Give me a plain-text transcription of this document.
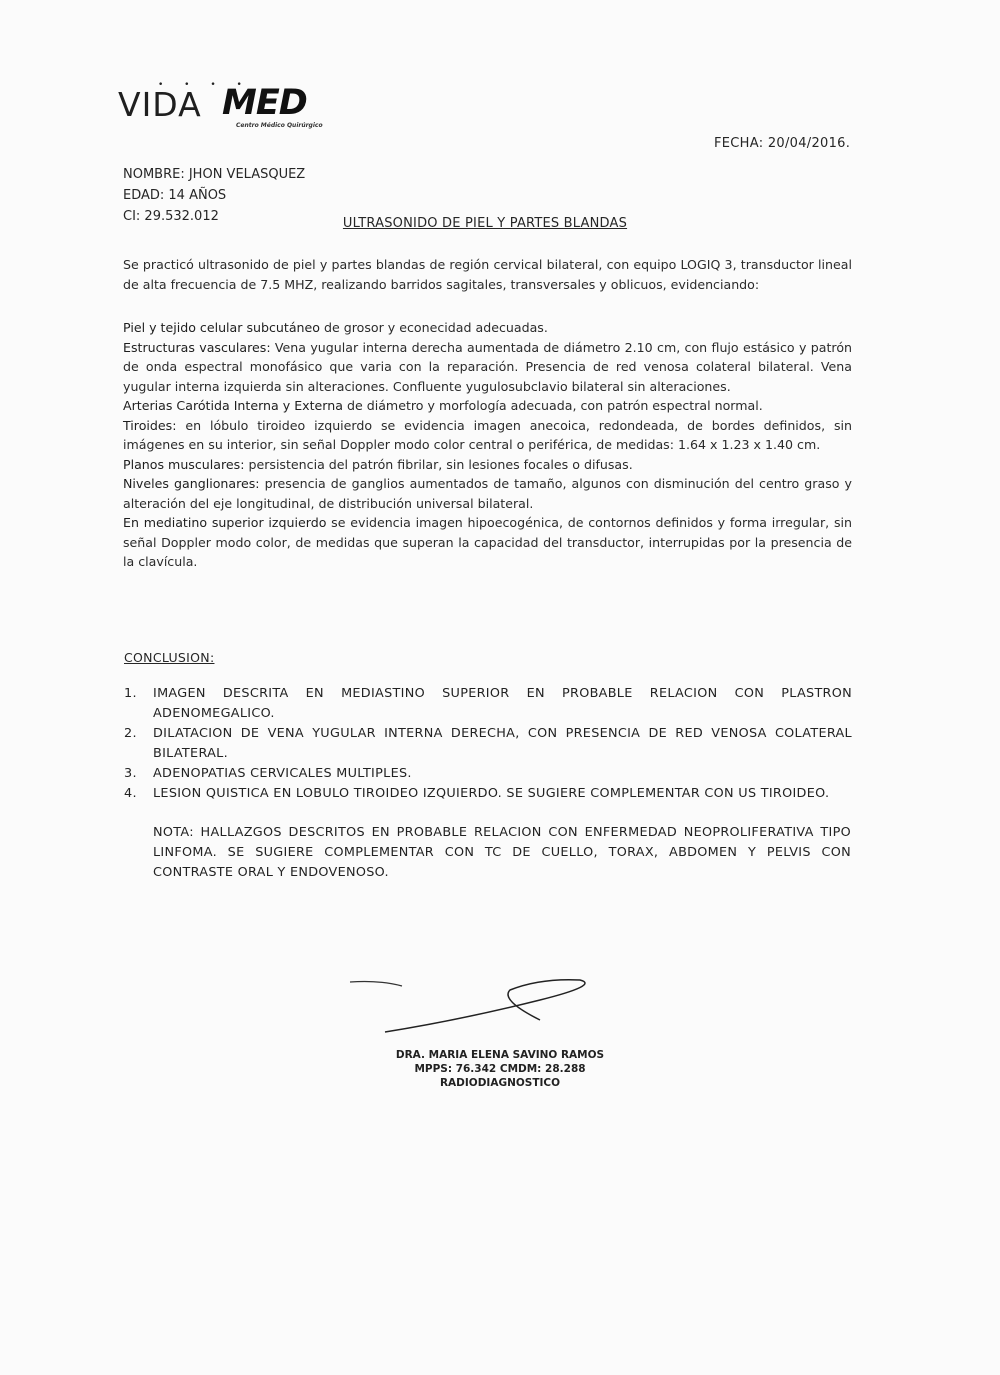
• • • •
VIDA MED
Centro Médico Quirúrgico
FECHA: 20/04/2016.
NOMBRE: JHON VELASQUEZ
EDAD: 14 AÑOS
CI: 29.532.012	ULTRASONIDO DE PIEL Y PARTES BLANDAS
Se practicó ultrasonido de piel y partes blandas de región cervical bilateral, con equipo LOGIQ 3, transductor lineal de alta frecuencia de 7.5 MHZ, realizando barridos sagitales, transversales y oblicuos, evidenciando:

Piel y tejido celular subcutáneo de grosor y econecidad adecuadas.

Estructuras vasculares: Vena yugular interna derecha aumentada de diámetro 2.10 cm, con flujo estásico y patrón de onda espectral monofásico que varia con la reparación. Presencia de red venosa colateral bilateral. Vena yugular interna izquierda sin alteraciones. Confluente yugulosubclavio bilateral sin alteraciones.

Arterias Carótida Interna y Externa de diámetro y morfología adecuada, con patrón espectral normal.

Tiroides: en lóbulo tiroideo izquierdo se evidencia imagen anecoica, redondeada, de bordes definidos, sin imágenes en su interior, sin señal Doppler modo color central o periférica, de medidas: 1.64 x 1.23 x 1.40 cm.

Planos musculares: persistencia del patrón fibrilar, sin lesiones focales o difusas.

Niveles ganglionares: presencia de ganglios aumentados de tamaño, algunos con disminución del centro graso y alteración del eje longitudinal, de distribución universal bilateral.

En mediatino superior izquierdo se evidencia imagen hipoecogénica, de contornos definidos y forma irregular, sin señal Doppler modo color, de medidas que superan la capacidad del transductor, interrupidas por la presencia de la clavícula.

CONCLUSION:
1. IMAGEN DESCRITA EN MEDIASTINO SUPERIOR EN PROBABLE RELACION CON PLASTRON ADENOMEGALICO.
2. DILATACION DE VENA YUGULAR INTERNA DERECHA, CON PRESENCIA DE RED VENOSA COLATERAL BILATERAL.
3. ADENOPATIAS CERVICALES MULTIPLES.
4. LESION QUISTICA EN LOBULO TIROIDEO IZQUIERDO. SE SUGIERE COMPLEMENTAR CON US TIROIDEO.
NOTA: HALLAZGOS DESCRITOS EN PROBABLE RELACION CON ENFERMEDAD NEOPROLIFERATIVA TIPO LINFOMA. SE SUGIERE COMPLEMENTAR CON TC DE CUELLO, TORAX, ABDOMEN Y PELVIS CON CONTRASTE ORAL Y ENDOVENOSO.
DRA. MARIA ELENA SAVINO RAMOS
MPPS: 76.342 CMDM: 28.288
RADIODIAGNOSTICO
